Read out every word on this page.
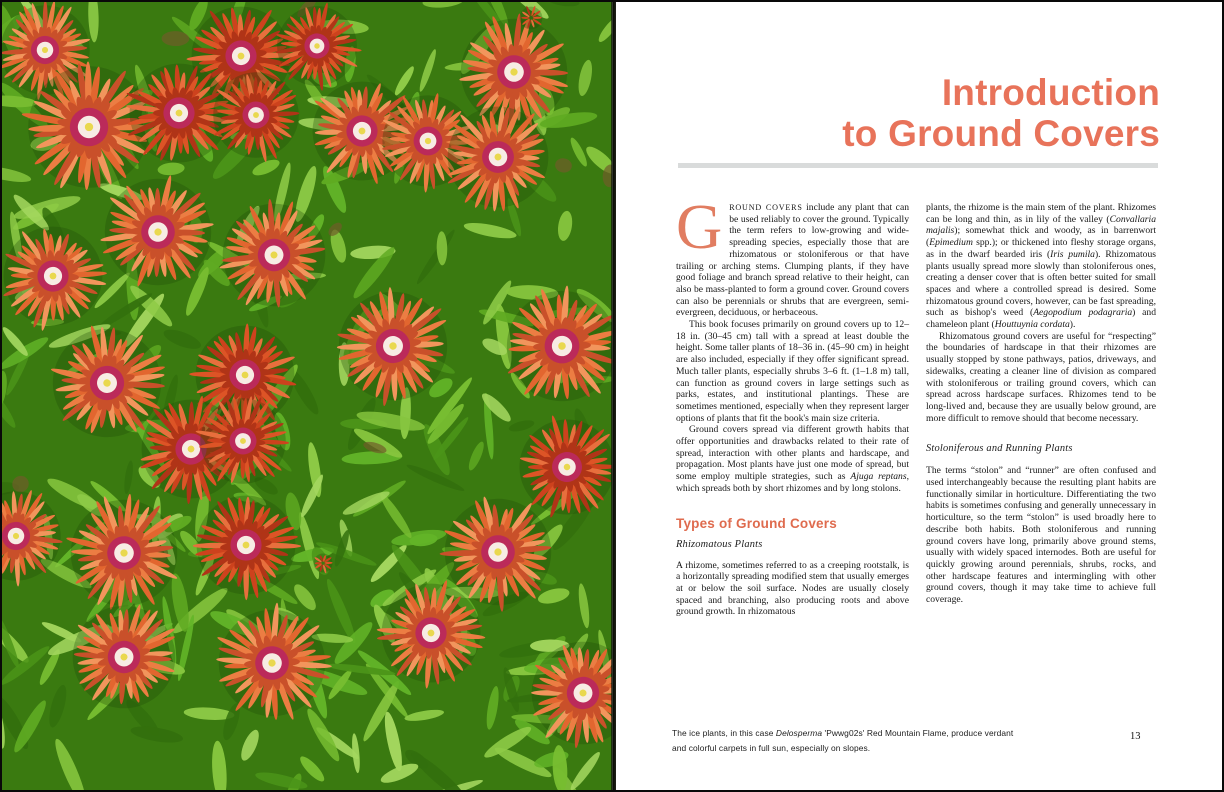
Introduction
to Ground Covers

GROUND COVERS include any plant that can be used reliably to cover the ground. Typically the term refers to low-growing and wide-spreading species, especially those that are rhizomatous or stoloniferous or that have trailing or arching stems. Clumping plants, if they have good foliage and branch spread relative to their height, can also be mass-planted to form a ground cover. Ground covers can also be perennials or shrubs that are evergreen, semi-evergreen, deciduous, or herbaceous.

This book focuses primarily on ground covers up to 12–18 in. (30–45 cm) tall with a spread at least double the height. Some taller plants of 18–36 in. (45–90 cm) in height are also included, especially if they offer significant spread. Much taller plants, especially shrubs 3–6 ft. (1–1.8 m) tall, can function as ground covers in large settings such as parks, estates, and institutional plantings. These are sometimes mentioned, especially when they represent larger options of plants that fit the book's main size criteria.

Ground covers spread via different growth habits that offer opportunities and drawbacks related to their rate of spread, interaction with other plants and hardscape, and propagation. Most plants have just one mode of spread, but some employ multiple strategies, such as Ajuga reptans, which spreads both by short rhizomes and by long stolons.

Types of Ground Covers
Rhizomatous Plants

A rhizome, sometimes referred to as a creeping rootstalk, is a horizontally spreading modified stem that usually emerges at or below the soil surface. Nodes are usually closely spaced and branching, also producing roots and above ground growth. In rhizomatous

plants, the rhizome is the main stem of the plant. Rhizomes can be long and thin, as in lily of the valley (Convallaria majalis); somewhat thick and woody, as in barrenwort (Epimedium spp.); or thickened into fleshy storage organs, as in the dwarf bearded iris (Iris pumila). Rhizomatous plants usually spread more slowly than stoloniferous ones, creating a denser cover that is often better suited for small spaces and where a controlled spread is desired. Some rhizomatous ground covers, however, can be fast spreading, such as bishop's weed (Aegopodium podagraria) and chameleon plant (Houttuynia cordata).

Rhizomatous ground covers are useful for “respecting” the boundaries of hardscape in that their rhizomes are usually stopped by stone pathways, patios, driveways, and sidewalks, creating a cleaner line of division as compared with stoloniferous or trailing ground covers, which can spread across hardscape surfaces. Rhizomes tend to be long-lived and, because they are usually below ground, are more difficult to remove should that become necessary.

Stoloniferous and Running Plants

The terms “stolon” and “runner” are often confused and used interchangeably because the resulting plant habits are functionally similar in horticulture. Differentiating the two habits is sometimes confusing and generally unnecessary in horticulture, so the term “stolon” is used broadly here to describe both habits. Both stoloniferous and running ground covers have long, primarily above ground stems, usually with widely spaced internodes. Both are useful for quickly growing around perennials, shrubs, rocks, and other hardscape features and intermingling with other ground covers, though it may take time to achieve full coverage.

The ice plants, in this case Delosperma 'Pwwg02s' Red Mountain Flame, produce verdant and colorful carpets in full sun, especially on slopes.

13
